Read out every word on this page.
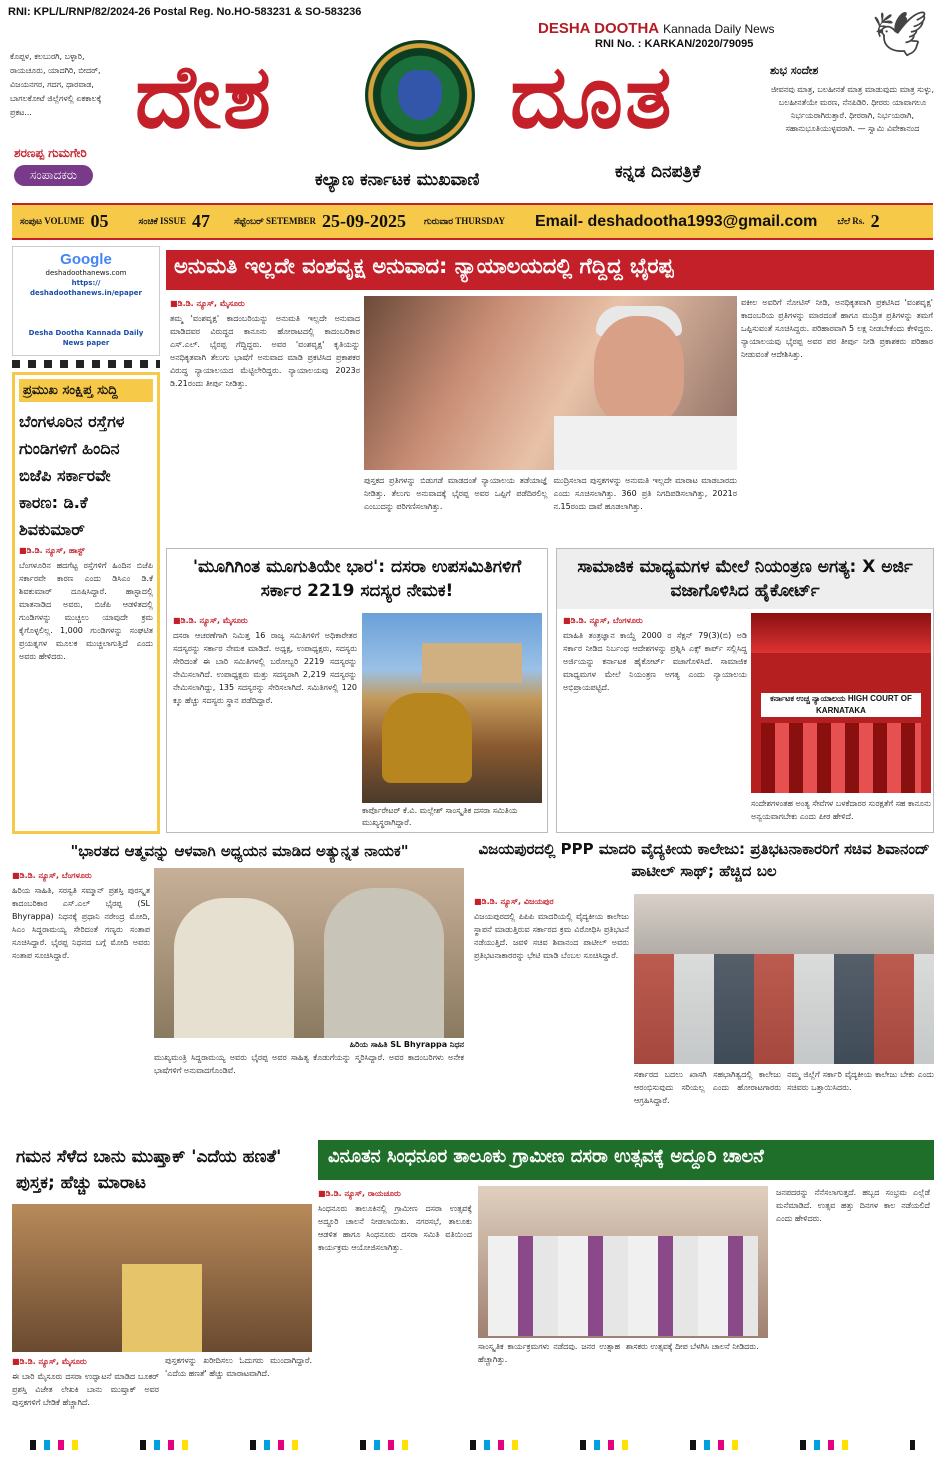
RNI: KPL/L/RNP/82/2024-26 Postal Reg. No.HO-583231 & SO-583236
DESHA DOOTHA Kannada Daily News
RNI No. : KARKAN/2020/79095	🕊
ಕೊಪ್ಪಳ, ಕಲಬುರಗಿ, ಬಳ್ಳಾರಿ, ರಾಯಚೂರು, ಯಾದಗಿರಿ, ಬೀದರ್, ವಿಜಯನಗರ, ಗದಗ, ಧಾರವಾಡ, ಬಾಗಲಕೋಟೆ ಜಿಲ್ಲೆಗಳಲ್ಲಿ ಏಕಕಾಲಕ್ಕೆ ಪ್ರಕಟ...	ದೇಶ	ದೂತ
ಕಲ್ಯಾಣ ಕರ್ನಾಟಕ ಮುಖವಾಣಿ	ಕನ್ನಡ ದಿನಪತ್ರಿಕೆ
ಶರಣಪ್ಪ ಗುಮಗೇರಿ
ಸಂಪಾದಕರು
ಶುಭ ಸಂದೇಶ
ಜೀವನವು ಮಾತ್ರ, ಬಲಹೀನತೆ ಮಾತ್ರ ಮಾಡುವುದು ಮಾತ್ರ ಸುಳ್ಳು, ಬಲಹೀನತೆಯೇ ಮರಣ, ನೆನಪಿಡಿರಿ. ಧೀರರು ಯಾವಾಗಲೂ ನಿರ್ಭಯರಾಗಿರುತ್ತಾರೆ. ಧೀರರಾಗಿ, ನಿರ್ಭಯರಾಗಿ, ಸಹಾನುಭೂತಿಯುಳ್ಳವರಾಗಿ. — ಸ್ವಾಮಿ ವಿವೇಕಾನಂದ
ಸಂಪುಟ VOLUME 05	ಸಂಚಿಕೆ ISSUE 47	ಸೆಪ್ಟೆಂಬರ್ SETEMBER 25-09-2025 ಗುರುವಾರ THURSDAY Email- deshadootha1993@gmail.com ಬೆಲೆ Rs. 2
Google
deshadoothanews.com
https:// deshadoothanews.in/epaper
Desha Dootha Kannada Daily News paper
ಪ್ರಮುಖ ಸಂಕ್ಷಿಪ್ತ ಸುದ್ದಿ
ಬೆಂಗಳೂರಿನ ರಸ್ತೆಗಳ ಗುಂಡಿಗಳಿಗೆ ಹಿಂದಿನ ಬಿಜೆಪಿ ಸರ್ಕಾರವೇ ಕಾರಣ: ಡಿ.ಕೆ ಶಿವಕುಮಾರ್
■ಡಿ.ಡಿ. ನ್ಯೂಸ್, ಹಾಸ್ಟ್
ಬೆಂಗಳೂರಿನ ಹದಗೆಟ್ಟ ರಸ್ತೆಗಳಿಗೆ ಹಿಂದಿನ ಬಿಜೆಪಿ ಸರ್ಕಾರವೇ ಕಾರಣ ಎಂದು ಡಿಸಿಎಂ ಡಿ.ಕೆ ಶಿವಕುಮಾರ್ ದೂಷಿಸಿದ್ದಾರೆ. ಹಾಸ್ಟಾದಲ್ಲಿ ಮಾತನಾಡಿದ ಅವರು, ಬಿಜೆಪಿ ಆಡಳಿತದಲ್ಲಿ ಗುಂಡಿಗಳನ್ನು ಮುಚ್ಚಲು ಯಾವುದೇ ಕ್ರಮ ಕೈಗೊಳ್ಳಲಿಲ್ಲ. 1,000 ಗುಂಡಿಗಳನ್ನು ಸಂಘಟಿತ ಪ್ರಯತ್ನಗಳ ಮೂಲಕ ಮುಚ್ಚಲಾಗುತ್ತಿದೆ ಎಂದು ಅವರು ಹೇಳಿದರು.
ಅನುಮತಿ ಇಲ್ಲದೇ ವಂಶವೃಕ್ಷ ಅನುವಾದ: ನ್ಯಾಯಾಲಯದಲ್ಲಿ ಗೆದ್ದಿದ್ದ ಭೈರಪ್ಪ
■ಡಿ.ಡಿ. ನ್ಯೂಸ್, ಮೈಸೂರು
ತಮ್ಮ 'ವಂಶವೃಕ್ಷ' ಕಾದಂಬರಿಯನ್ನು ಅನುಮತಿ ಇಲ್ಲದೇ ಅನುವಾದ ಮಾಡಿದವರ ವಿರುದ್ಧದ ಕಾನೂನು ಹೋರಾಟದಲ್ಲಿ ಕಾದಂಬರಿಕಾರ ಎಸ್.ಎಲ್. ಭೈರಪ್ಪ ಗೆದ್ದಿದ್ದರು. ಅವರ 'ವಂಶವೃಕ್ಷ' ಕೃತಿಯನ್ನು ಅನಧಿಕೃತವಾಗಿ ತೆಲುಗು ಭಾಷೆಗೆ ಅನುವಾದ ಮಾಡಿ ಪ್ರಕಟಿಸಿದ ಪ್ರಕಾಶಕರ ವಿರುದ್ಧ ನ್ಯಾಯಾಲಯದ ಮೆಟ್ಟಿಲೇರಿದ್ದರು. ನ್ಯಾಯಾಲಯವು 2023ರ ಡಿ.21ರಂದು ತೀರ್ಪು ನೀಡಿತ್ತು.
ಪುಸ್ತಕದ ಪ್ರತಿಗಳನ್ನು ಬಿಡುಗಡೆ ಮಾಡದಂತೆ ನ್ಯಾಯಾಲಯ ತಡೆಯಾಜ್ಞೆ ನೀಡಿತ್ತು. ತೆಲುಗು ಅನುವಾದಕ್ಕೆ ಭೈರಪ್ಪ ಅವರ ಒಪ್ಪಿಗೆ ಪಡೆದಿರಲಿಲ್ಲ ಎಂಬುದನ್ನು ಪರಿಗಣಿಸಲಾಗಿತ್ತು.
ಮುದ್ರಿಸಲಾದ ಪುಸ್ತಕಗಳನ್ನು ಅನುಮತಿ ಇಲ್ಲದೇ ಮಾರಾಟ ಮಾಡಬಾರದು ಎಂದು ಸೂಚಿಸಲಾಗಿತ್ತು. 360 ಪ್ರತಿ ನಿಗದಿಪಡಿಸಲಾಗಿತ್ತು, 2021ರ ನ.15ರಂದು ದಾವೆ ಹೂಡಲಾಗಿತ್ತು.
ವಕೀಲ ಅವರಿಗೆ ನೋಟಿಸ್ ನೀಡಿ, ಅನಧಿಕೃತವಾಗಿ ಪ್ರಕಟಿಸಿದ 'ವಂಶವೃಕ್ಷ' ಕಾದಂಬರಿಯ ಪ್ರತಿಗಳನ್ನು ಮಾರದಂತೆ ಹಾಗೂ ಮುದ್ರಿತ ಪ್ರತಿಗಳನ್ನು ತಮಗೆ ಒಪ್ಪಿಸುವಂತೆ ಸೂಚಿಸಿದ್ದರು. ಪರಿಹಾರವಾಗಿ 5 ಲಕ್ಷ ನೀಡಬೇಕೆಂದು ಕೇಳಿದ್ದರು. ನ್ಯಾಯಾಲಯವು ಭೈರಪ್ಪ ಅವರ ಪರ ತೀರ್ಪು ನೀಡಿ ಪ್ರಕಾಶಕರು ಪರಿಹಾರ ನೀಡುವಂತೆ ಆದೇಶಿಸಿತ್ತು.
'ಮೂಗಿಗಿಂತ ಮೂಗುತಿಯೇ ಭಾರ': ದಸರಾ ಉಪಸಮಿತಿಗಳಿಗೆ ಸರ್ಕಾರ 2219 ಸದಸ್ಯರ ನೇಮಕ!
■ಡಿ.ಡಿ. ನ್ಯೂಸ್, ಮೈಸೂರು
ದಸರಾ ಆಚರಣೆಗಾಗಿ ನಿಮಿತ್ತ 16 ರಾಜ್ಯ ಸಮಿತಿಗಳಿಗೆ ಅಧಿಕಾರೇತರ ಸದಸ್ಯರನ್ನು ಸರ್ಕಾರ ನೇಮಕ ಮಾಡಿದೆ. ಅಧ್ಯಕ್ಷ, ಉಪಾಧ್ಯಕ್ಷರು, ಸದಸ್ಯರು ಸೇರಿದಂತೆ ಈ ಬಾರಿ ಸಮಿತಿಗಳಲ್ಲಿ ಬರೋಬ್ಬರಿ 2219 ಸದಸ್ಯರನ್ನು ನೇಮಿಸಲಾಗಿದೆ. ಉಪಾಧ್ಯಕ್ಷರು ಮತ್ತು ಸದಸ್ಯರಾಗಿ 2,219 ಸದಸ್ಯರನ್ನು ನೇಮಿಸಲಾಗಿದ್ದು, 135 ಸದಸ್ಯರನ್ನು ಸೇರಿಸಲಾಗಿದೆ. ಸಮಿತಿಗಳಲ್ಲಿ 120 ಕ್ಕೂ ಹೆಚ್ಚು ಸದಸ್ಯರು ಸ್ಥಾನ ಪಡೆದಿದ್ದಾರೆ.
ಕಾರ್ಪೊರೇಟರ್ ಕೆ.ವಿ. ಮಲ್ಲೇಶ್ ಸಾಂಸ್ಕೃತಿಕ ದಸರಾ ಸಮಿತಿಯ ಮುಖ್ಯಸ್ಥರಾಗಿದ್ದಾರೆ.
ಸಾಮಾಜಿಕ ಮಾಧ್ಯಮಗಳ ಮೇಲೆ ನಿಯಂತ್ರಣ ಅಗತ್ಯ: X ಅರ್ಜಿ ವಜಾಗೊಳಿಸಿದ ಹೈಕೋರ್ಟ್
■ಡಿ.ಡಿ. ನ್ಯೂಸ್, ಬೆಂಗಳೂರು
ಮಾಹಿತಿ ತಂತ್ರಜ್ಞಾನ ಕಾಯ್ದೆ 2000 ರ ಸೆಕ್ಷನ್ 79(3)(ಬಿ) ಅಡಿ ಸರ್ಕಾರ ನೀಡಿದ ನಿರ್ಬಂಧ ಆದೇಶಗಳನ್ನು ಪ್ರಶ್ನಿಸಿ ಎಕ್ಸ್ ಕಾರ್ಪ್ ಸಲ್ಲಿಸಿದ್ದ ಅರ್ಜಿಯನ್ನು ಕರ್ನಾಟಕ ಹೈಕೋರ್ಟ್ ವಜಾಗೊಳಿಸಿದೆ. ಸಾಮಾಜಿಕ ಮಾಧ್ಯಮಗಳ ಮೇಲೆ ನಿಯಂತ್ರಣ ಅಗತ್ಯ ಎಂದು ನ್ಯಾಯಾಲಯ ಅಭಿಪ್ರಾಯಪಟ್ಟಿದೆ.
ಕರ್ನಾಟಕ ಉಚ್ಚ ನ್ಯಾಯಾಲಯ HIGH COURT OF KARNATAKA
ಸಂದೇಶಗಳಂತಹ ಅಂತ್ಯ ಸೇವೆಗಳ ಬಳಕೆದಾರರ ಸುರಕ್ಷತೆಗೆ ಸಹ ಕಾನೂನು ಅನ್ವಯವಾಗಬೇಕು ಎಂದು ಪೀಠ ಹೇಳಿದೆ.
"ಭಾರತದ ಆತ್ಮವನ್ನು ಆಳವಾಗಿ ಅಧ್ಯಯನ ಮಾಡಿದ ಅತ್ಯುನ್ನತ ನಾಯಕ"
■ಡಿ.ಡಿ. ನ್ಯೂಸ್, ಬೆಂಗಳೂರು
ಹಿರಿಯ ಸಾಹಿತಿ, ಸರಸ್ವತಿ ಸಮ್ಮಾನ್ ಪ್ರಶಸ್ತಿ ಪುರಸ್ಕೃತ ಕಾದಂಬರಿಕಾರ ಎಸ್.ಎಲ್ ಭೈರಪ್ಪ (SL Bhyrappa) ನಿಧನಕ್ಕೆ ಪ್ರಧಾನಿ ನರೇಂದ್ರ ಮೋದಿ, ಸಿಎಂ ಸಿದ್ದರಾಮಯ್ಯ ಸೇರಿದಂತೆ ಗಣ್ಯರು ಸಂತಾಪ ಸೂಚಿಸಿದ್ದಾರೆ. ಭೈರಪ್ಪ ನಿಧನದ ಬಗ್ಗೆ ಮೋದಿ ಅವರು ಸಂತಾಪ ಸೂಚಿಸಿದ್ದಾರೆ.
ಹಿರಿಯ ಸಾಹಿತಿ SL Bhyrappa ನಿಧನ
ಮುಖ್ಯಮಂತ್ರಿ ಸಿದ್ದರಾಮಯ್ಯ ಅವರು ಭೈರಪ್ಪ ಅವರ ಸಾಹಿತ್ಯ ಕೊಡುಗೆಯನ್ನು ಸ್ಮರಿಸಿದ್ದಾರೆ. ಅವರ ಕಾದಂಬರಿಗಳು ಅನೇಕ ಭಾಷೆಗಳಿಗೆ ಅನುವಾದಗೊಂಡಿವೆ.
ವಿಜಯಪುರದಲ್ಲಿ PPP ಮಾದರಿ ವೈದ್ಯಕೀಯ ಕಾಲೇಜು: ಪ್ರತಿಭಟನಾಕಾರರಿಗೆ ಸಚಿವ ಶಿವಾನಂದ್ ಪಾಟೀಲ್ ಸಾಥ್; ಹೆಚ್ಚಿದ ಬಲ
■ಡಿ.ಡಿ. ನ್ಯೂಸ್, ವಿಜಯಪುರ
ವಿಜಯಪುರದಲ್ಲಿ ಪಿಪಿಪಿ ಮಾದರಿಯಲ್ಲಿ ವೈದ್ಯಕೀಯ ಕಾಲೇಜು ಸ್ಥಾಪನೆ ಮಾಡುತ್ತಿರುವ ಸರ್ಕಾರದ ಕ್ರಮ ವಿರೋಧಿಸಿ ಪ್ರತಿಭಟನೆ ನಡೆಯುತ್ತಿದೆ. ಜವಳಿ ಸಚಿವ ಶಿವಾನಂದ ಪಾಟೀಲ್ ಅವರು ಪ್ರತಿಭಟನಾಕಾರರನ್ನು ಭೇಟಿ ಮಾಡಿ ಬೆಂಬಲ ಸೂಚಿಸಿದ್ದಾರೆ.
ಸರ್ಕಾರದ ಬದಲು ಖಾಸಗಿ ಸಹಭಾಗಿತ್ವದಲ್ಲಿ ಕಾಲೇಜು ಆರಂಭಿಸುವುದು ಸರಿಯಲ್ಲ ಎಂದು ಹೋರಾಟಗಾರರು ಆಗ್ರಹಿಸಿದ್ದಾರೆ.
ನಮ್ಮ ಜಿಲ್ಲೆಗೆ ಸರ್ಕಾರಿ ವೈದ್ಯಕೀಯ ಕಾಲೇಜು ಬೇಕು ಎಂದು ಸಚಿವರು ಒತ್ತಾಯಿಸಿದರು.
ಗಮನ ಸೆಳೆದ ಬಾನು ಮುಷ್ತಾಕ್ 'ಎದೆಯ ಹಣತೆ' ಪುಸ್ತಕ; ಹೆಚ್ಚು ಮಾರಾಟ
■ಡಿ.ಡಿ. ನ್ಯೂಸ್, ಮೈಸೂರು
ಈ ಬಾರಿ ಮೈಸೂರು ದಸರಾ ಉದ್ಘಾಟನೆ ಮಾಡಿದ ಬೂಕರ್ ಪ್ರಶಸ್ತಿ ವಿಜೇತ ಲೇಖಕಿ ಬಾನು ಮುಷ್ತಾಕ್ ಅವರ ಪುಸ್ತಕಗಳಿಗೆ ಬೇಡಿಕೆ ಹೆಚ್ಚಾಗಿದೆ.
ಪುಸ್ತಕಗಳನ್ನು ಖರೀದಿಸಲು ಓದುಗರು ಮುಂದಾಗಿದ್ದಾರೆ. 'ಎದೆಯ ಹಣತೆ' ಹೆಚ್ಚು ಮಾರಾಟವಾಗಿದೆ.
ವಿನೂತನ ಸಿಂಧನೂರ ತಾಲೂಕು ಗ್ರಾಮೀಣ ದಸರಾ ಉತ್ಸವಕ್ಕೆ ಅದ್ದೂರಿ ಚಾಲನೆ
■ಡಿ.ಡಿ. ನ್ಯೂಸ್, ರಾಯಚೂರು
ಸಿಂಧನೂರು ತಾಲೂಕಿನಲ್ಲಿ ಗ್ರಾಮೀಣ ದಸರಾ ಉತ್ಸವಕ್ಕೆ ಅದ್ದೂರಿ ಚಾಲನೆ ನೀಡಲಾಯಿತು. ನಗರಸಭೆ, ತಾಲೂಕು ಆಡಳಿತ ಹಾಗೂ ಸಿಂಧನೂರು ದಸರಾ ಸಮಿತಿ ವತಿಯಿಂದ ಕಾರ್ಯಕ್ರಮ ಆಯೋಜಿಸಲಾಗಿತ್ತು.
ಸಾಂಸ್ಕೃತಿಕ ಕಾರ್ಯಕ್ರಮಗಳು ನಡೆದವು. ಜನರ ಉತ್ಸಾಹ ಹೆಚ್ಚಾಗಿತ್ತು.
ಶಾಸಕರು ಉತ್ಸವಕ್ಕೆ ದೀಪ ಬೆಳಗಿಸಿ ಚಾಲನೆ ನೀಡಿದರು.
ಜನಪದರನ್ನು ನೆನೆಸಲಾಗುತ್ತದೆ. ಹಬ್ಬದ ಸಂಭ್ರಮ ಎಲ್ಲೆಡೆ ಮನೆಮಾಡಿದೆ. ಉತ್ಸವ ಹತ್ತು ದಿನಗಳ ಕಾಲ ನಡೆಯಲಿದೆ ಎಂದು ಹೇಳಿದರು.
